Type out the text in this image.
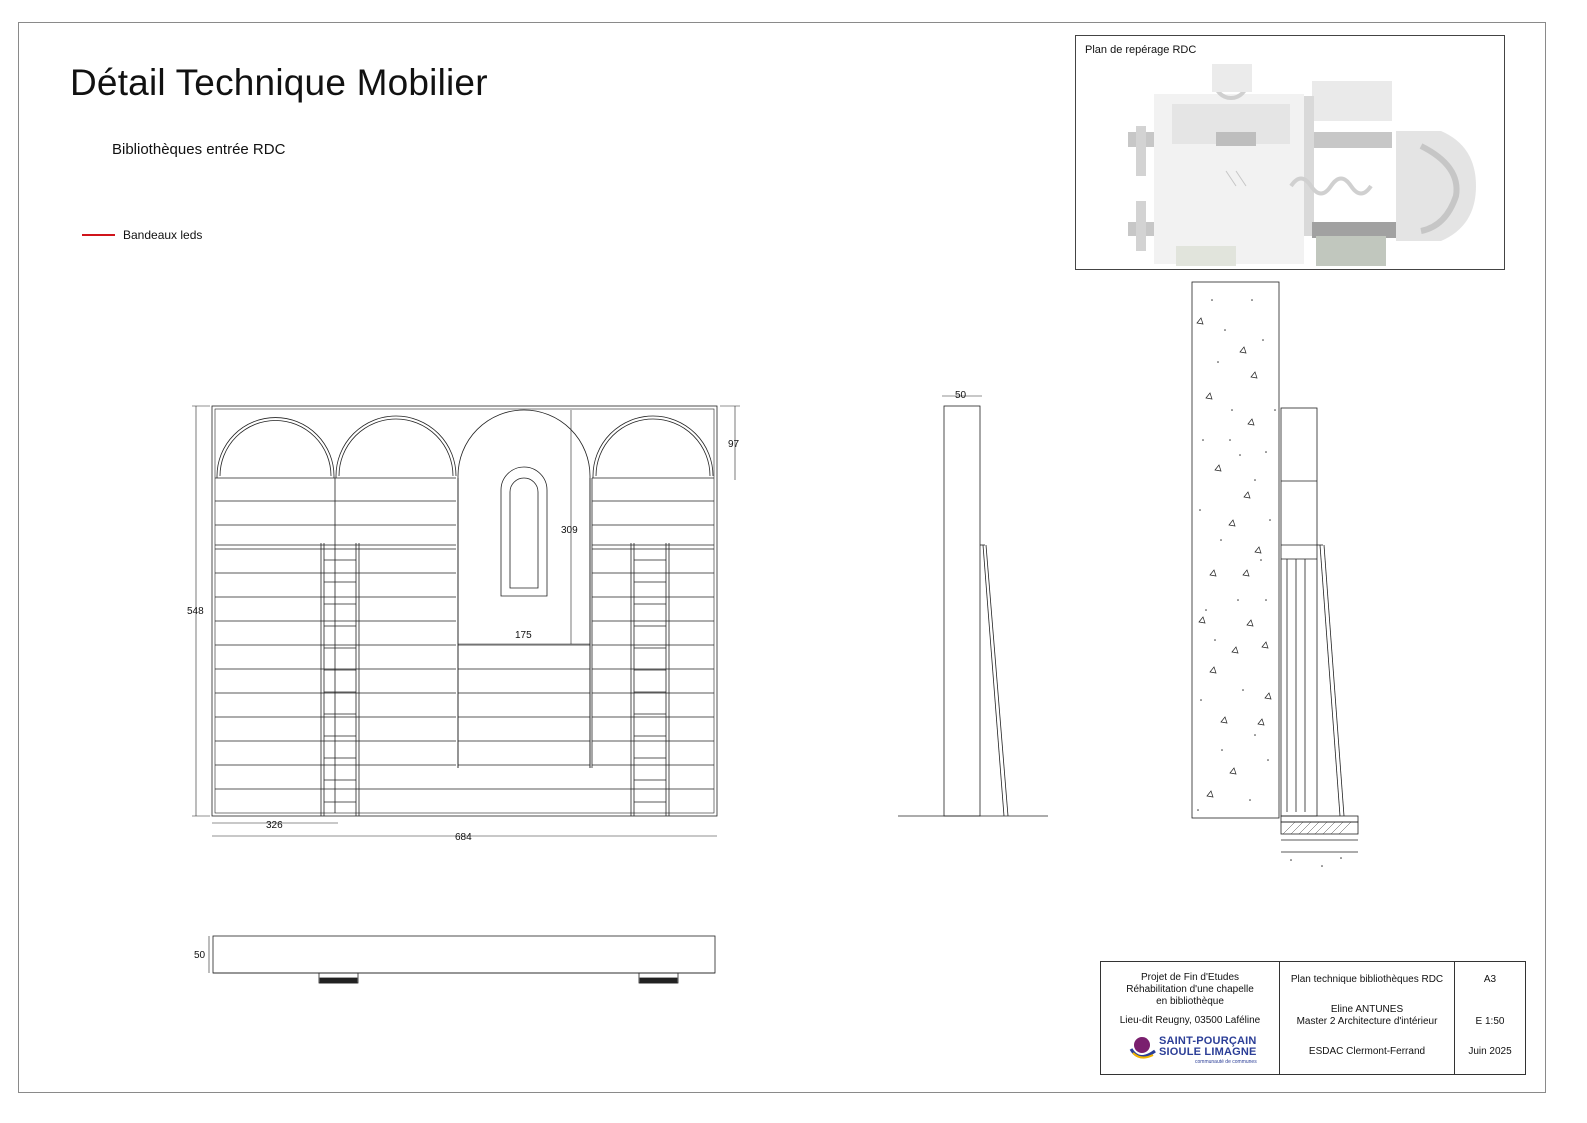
Détail Technique Mobilier
Bibliothèques entrée RDC
Bandeaux leds
Plan de repérage RDC
548
97
309
175
326
684
50
50
Projet de Fin d'Etudes
Réhabilitation d'une chapelle
en bibliothèque
Lieu-dit Reugny, 03500 Laféline
SAINT-POURÇAIN
SIOULE LIMAGNE
communauté de communes
Plan technique bibliothèques RDC
Eline ANTUNES
Master 2 Architecture d'intérieur
ESDAC Clermont-Ferrand
A3
E 1:50
Juin 2025
